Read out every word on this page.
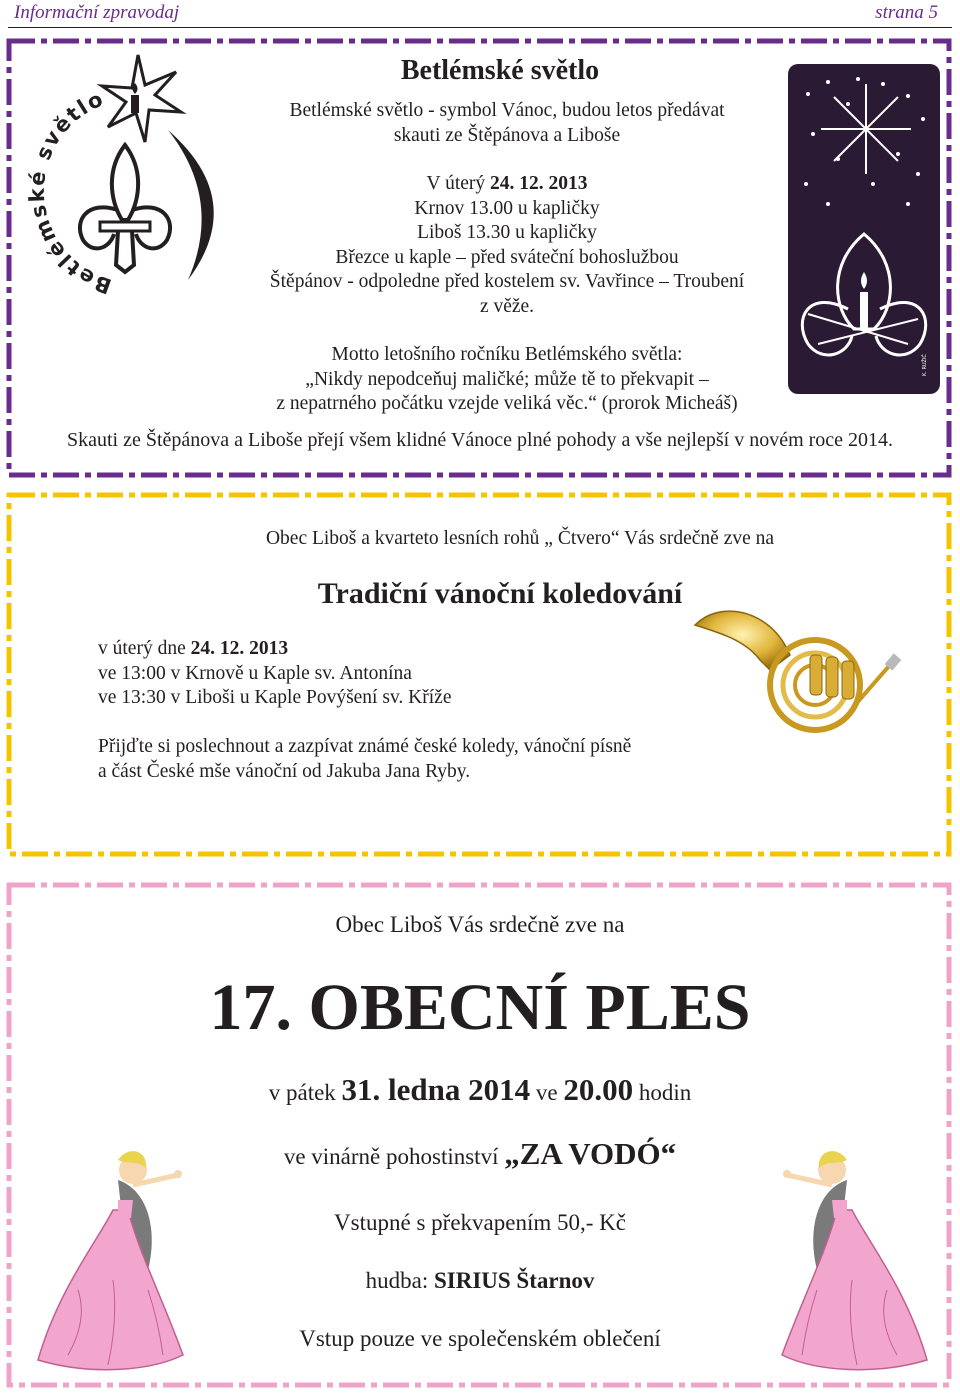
Informační zpravodaj	strana 5
Betlémské světlo
K. RUŽIČ
Betlémské světlo
Betlémské světlo - symbol Vánoc, budou letos předávat
skauti ze Štěpánova a Liboše
V úterý 24. 12. 2013
Krnov 13.00 u kapličky
Liboš 13.30 u kapličky
Březce u kaple – před sváteční bohoslužbou
Štěpánov - odpoledne před kostelem sv. Vavřince – Troubení
z věže.
Motto letošního ročníku Betlémského světla:
„Nikdy nepodceňuj maličké; může tě to překvapit –
z nepatrného počátku vzejde veliká věc.“ (prorok Micheáš)
Skauti ze Štěpánova a Liboše přejí všem klidné Vánoce plné pohody a vše nejlepší v novém roce 2014.
Obec Liboš a kvarteto lesních rohů „ Čtvero“ Vás srdečně zve na
Tradiční vánoční koledování
v úterý dne 24. 12. 2013
ve 13:00 v Krnově u Kaple sv. Antonína
ve 13:30 v Liboši u Kaple Povýšení sv. Kříže
Přijďte si poslechnout a zazpívat známé české koledy, vánoční písně
a část České mše vánoční od Jakuba Jana Ryby.
Obec Liboš Vás srdečně zve na
17. OBECNÍ PLES
v pátek 31. ledna 2014 ve 20.00 hodin
ve vinárně pohostinství „ZA VODÓ“
Vstupné s překvapením 50,- Kč
hudba: SIRIUS Štarnov
Vstup pouze ve společenském oblečení
